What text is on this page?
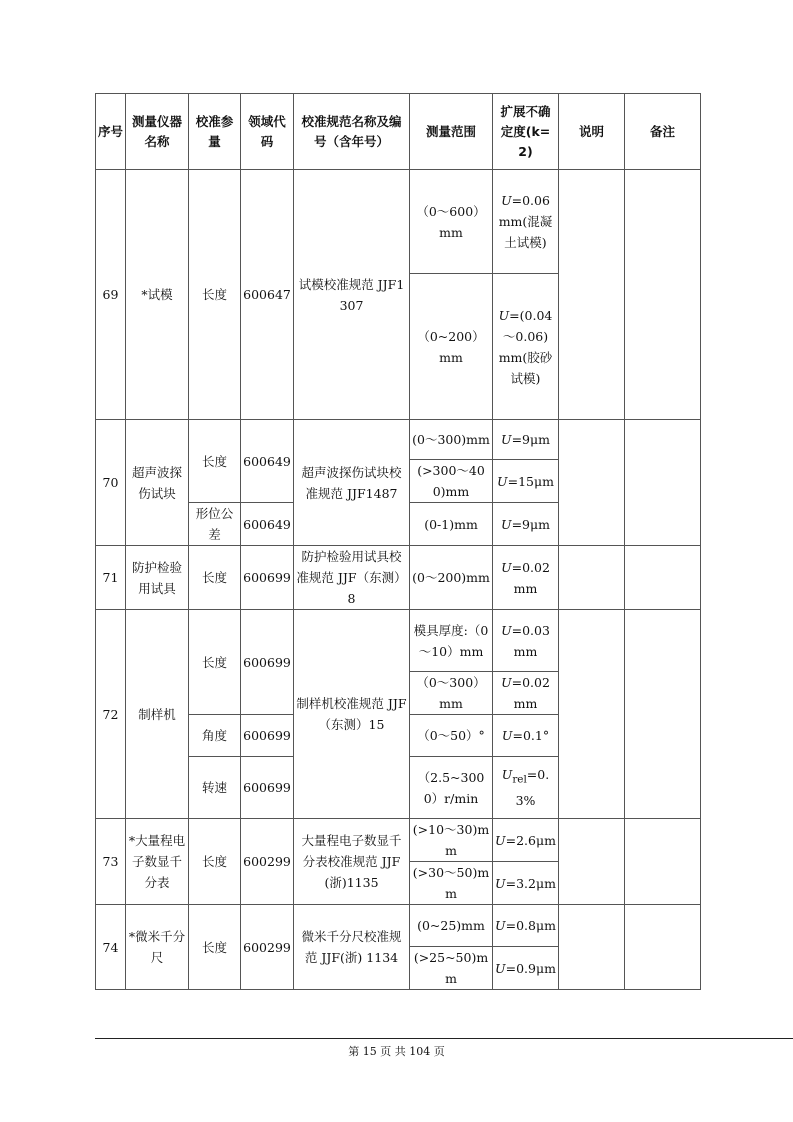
序号	测量仪器名称	校准参量	领域代码	校准规范名称及编号（含年号）	测量范围	扩展不确定度(k=2)	说明	备注
69	*试模	长度	600647	试模校准规范 JJF1307	（0～600）mm	U=0.06 mm(混凝土试模)		
					（0~200）mm	U=(0.04～0.06) mm(胶砂试模)		
70	超声波探伤试块	长度	600649	超声波探伤试块校准规范 JJF1487	(0～300)mm	U=9μm		
					(>300～400)mm	U=15μm		
		形位公差	600649		(0-1)mm	U=9μm		
71	防护检验用试具	长度	600699	防护检验用试具校准规范 JJF（东测）8	(0～200)mm	U=0.02 mm		
72	制样机	长度	600699	制样机校准规范 JJF（东测）15	模具厚度:（0～10）mm	U=0.03 mm		
					（0～300）mm	U=0.02 mm		
		角度	600699		（0～50）°	U=0.1°		
		转速	600699		（2.5~3000）r/min	$U_{rel}=0.3\%$		
73	*大量程电子数显千分表	长度	600299	大量程电子数显千分表校准规范 JJF(浙)1135	(>10～30)mm	U=2.6μm		
					(>30～50)mm	U=3.2μm		
74	*微米千分尺	长度	600299	微米千分尺校准规范 JJF(浙) 1134	(0~25)mm	U=0.8μm		
					(>25~50)mm	U=0.9μm		
第 15 页 共 104 页
